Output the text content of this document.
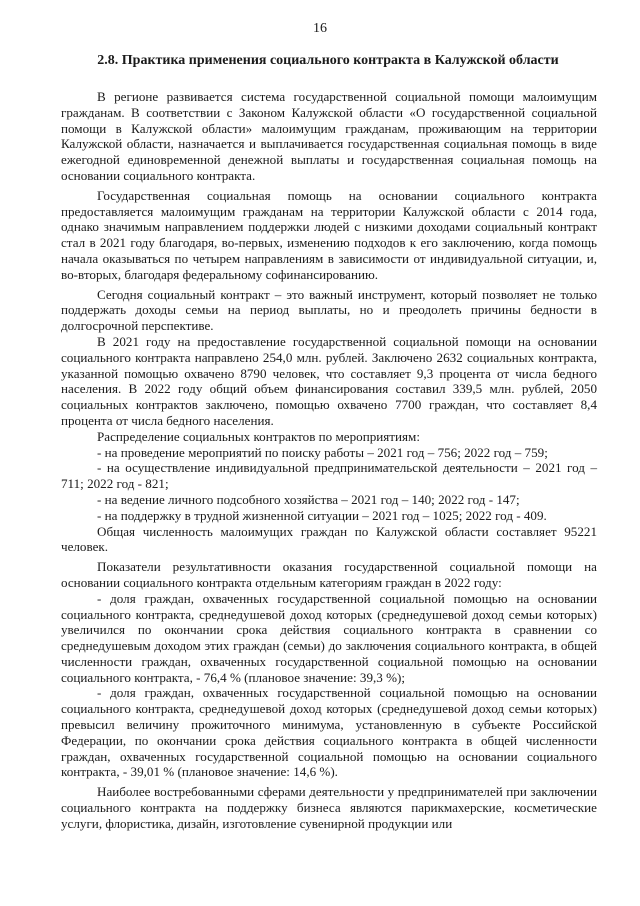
16
2.8. Практика применения социального контракта в Калужской области

В регионе развивается система государственной социальной помощи малоимущим гражданам. В соответствии с Законом Калужской области «О государственной социальной помощи в Калужской области» малоимущим гражданам, проживающим на территории Калужской области, назначается и выплачивается государственная социальная помощь в виде ежегодной единовременной денежной выплаты и государственная социальная помощь на основании социального контракта.

Государственная социальная помощь на основании социального контракта предоставляется малоимущим гражданам на территории Калужской области с 2014 года, однако значимым направлением поддержки людей с низкими доходами социальный контракт стал в 2021 году благодаря, во-первых, изменению подходов к его заключению, когда помощь начала оказываться по четырем направлениям в зависимости от индивидуальной ситуации, и, во-вторых, благодаря федеральному софинансированию.

Сегодня социальный контракт – это важный инструмент, который позволяет не только поддержать доходы семьи на период выплаты, но и преодолеть причины бедности в долгосрочной перспективе.

В 2021 году на предоставление государственной социальной помощи на основании социального контракта направлено 254,0 млн. рублей. Заключено 2632 социальных контракта, указанной помощью охвачено 8790 человек, что составляет 9,3 процента от числа бедного населения. В 2022 году общий объем финансирования составил 339,5 млн. рублей, 2050 социальных контрактов заключено, помощью охвачено 7700 граждан, что составляет 8,4 процента от числа бедного населения.

Распределение социальных контрактов по мероприятиям:

- на проведение мероприятий по поиску работы – 2021 год – 756; 2022 год – 759;

- на осуществление индивидуальной предпринимательской деятельности – 2021 год – 711; 2022 год - 821;

- на ведение личного подсобного хозяйства – 2021 год – 140; 2022 год - 147;

- на поддержку в трудной жизненной ситуации – 2021 год – 1025; 2022 год - 409.

Общая численность малоимущих граждан по Калужской области составляет 95221 человек.

Показатели результативности оказания государственной социальной помощи на основании социального контракта отдельным категориям граждан в 2022 году:

- доля граждан, охваченных государственной социальной помощью на основании социального контракта, среднедушевой доход которых (среднедушевой доход семьи которых) увеличился по окончании срока действия социального контракта в сравнении со среднедушевым доходом этих граждан (семьи) до заключения социального контракта, в общей численности граждан, охваченных государственной социальной помощью на основании социального контракта, - 76,4 % (плановое значение: 39,3 %);

- доля граждан, охваченных государственной социальной помощью на основании социального контракта, среднедушевой доход которых (среднедушевой доход семьи которых) превысил величину прожиточного минимума, установленную в субъекте Российской Федерации, по окончании срока действия социального контракта в общей численности граждан, охваченных государственной социальной помощью на основании социального контракта, - 39,01 % (плановое значение: 14,6 %).

Наиболее востребованными сферами деятельности у предпринимателей при заключении социального контракта на поддержку бизнеса являются парикмахерские, косметические услуги, флористика, дизайн, изготовление сувенирной продукции или
